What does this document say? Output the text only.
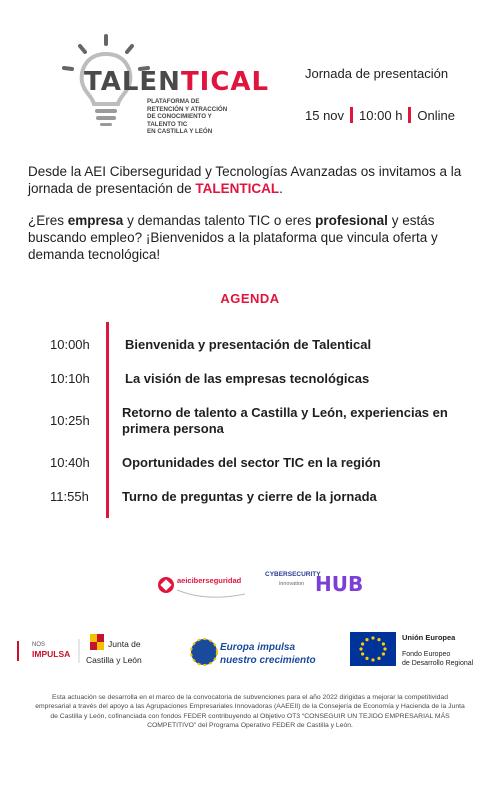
TALENTICAL
PLATAFORMA DE
RETENCIÓN Y ATRACCIÓN
DE CONOCIMIENTO Y
TALENTO TIC
EN CASTILLA Y LEÓN
Jornada de presentación
15 nov 10:00 h Online
Desde la AEI Ciberseguridad y Tecnologías Avanzadas os invitamos a la jornada de presentación de TALENTICAL.
¿Eres empresa y demandas talento TIC o eres profesional y estás buscando empleo? ¡Bienvenidos a la plataforma que vincula oferta y demanda tecnológica!
AGENDA
10:00h	Bienvenida y presentación de Talentical
10:10h	La visión de las empresas tecnológicas
10:25h
Retorno de talento a Castilla y León, experiencias en primera persona
10:40h	Oportunidades del sector TIC en la región
11:55h	Turno de preguntas y cierre de la jornada
aeiciberseguridad
CYBERSECURITY
innovation HUB
NOS
IMPULSA
Junta de
Castilla y León
Europa impulsa
nuestro crecimiento
Unión Europea
Fondo Europeo
de Desarrollo Regional
Esta actuación se desarrolla en el marco de la convocatoria de subvenciones para el año 2022 dirigidas a mejorar la competitividad empresarial a través del apoyo a las Agrupaciones Empresariales Innovadoras (AAEEII) de la Consejería de Economía y Hacienda de la Junta de Castilla y León, cofinanciada con fondos FEDER contribuyendo al Objetivo OT3 “CONSEGUIR UN TEJIDO EMPRESARIAL MÁS COMPETITIVO” del Programa Operativo FEDER de Castilla y León.
